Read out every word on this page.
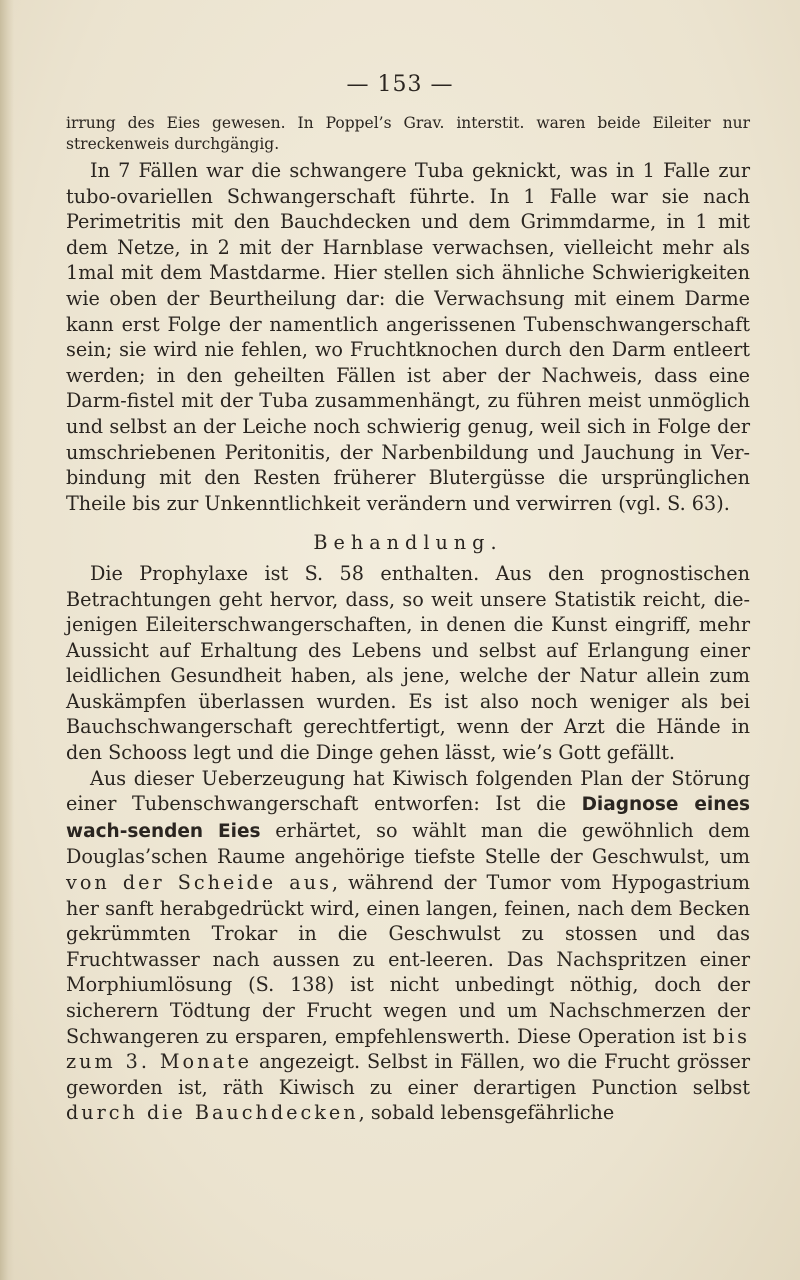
— 153 —

irrung des Eies gewesen. In Poppel’s Grav. interstit. waren beide Eileiter nur streckenweis durchgängig.

In 7 Fällen war die schwangere Tuba geknickt, was in 1 Falle zur tubo-ovariellen Schwangerschaft führte. In 1 Falle war sie nach Perimetritis mit den Bauchdecken und dem Grimmdarme, in 1 mit dem Netze, in 2 mit der Harnblase verwachsen, vielleicht mehr als 1mal mit dem Mastdarme. Hier stellen sich ähnliche Schwierigkeiten wie oben der Beurtheilung dar: die Verwachsung mit einem Darme kann erst Folge der namentlich angerissenen Tubenschwangerschaft sein; sie wird nie fehlen, wo Fruchtknochen durch den Darm entleert werden; in den geheilten Fällen ist aber der Nachweis, dass eine Darm-fistel mit der Tuba zusammenhängt, zu führen meist unmöglich und selbst an der Leiche noch schwierig genug, weil sich in Folge der umschriebenen Peritonitis, der Narbenbildung und Jauchung in Ver-bindung mit den Resten früherer Blutergüsse die ursprünglichen Theile bis zur Unkenntlichkeit verändern und verwirren (vgl. S. 63).

Behandlung.

Die Prophylaxe ist S. 58 enthalten. Aus den prognostischen Betrachtungen geht hervor, dass, so weit unsere Statistik reicht, die-jenigen Eileiterschwangerschaften, in denen die Kunst eingriff, mehr Aussicht auf Erhaltung des Lebens und selbst auf Erlangung einer leidlichen Gesundheit haben, als jene, welche der Natur allein zum Auskämpfen überlassen wurden. Es ist also noch weniger als bei Bauchschwangerschaft gerechtfertigt, wenn der Arzt die Hände in den Schooss legt und die Dinge gehen lässt, wie’s Gott gefällt.

Aus dieser Ueberzeugung hat Kiwisch folgenden Plan der Störung einer Tubenschwangerschaft entworfen: Ist die Diagnose eines wach-senden Eies erhärtet, so wählt man die gewöhnlich dem Douglas’schen Raume angehörige tiefste Stelle der Geschwulst, um von der Scheide aus, während der Tumor vom Hypogastrium her sanft herabgedrückt wird, einen langen, feinen, nach dem Becken gekrümmten Trokar in die Geschwulst zu stossen und das Fruchtwasser nach aussen zu ent-leeren. Das Nachspritzen einer Morphiumlösung (S. 138) ist nicht unbedingt nöthig, doch der sicherern Tödtung der Frucht wegen und um Nachschmerzen der Schwangeren zu ersparen, empfehlenswerth. Diese Operation ist bis zum 3. Monate angezeigt. Selbst in Fällen, wo die Frucht grösser geworden ist, räth Kiwisch zu einer derartigen Punction selbst durch die Bauchdecken, sobald lebensgefährliche
